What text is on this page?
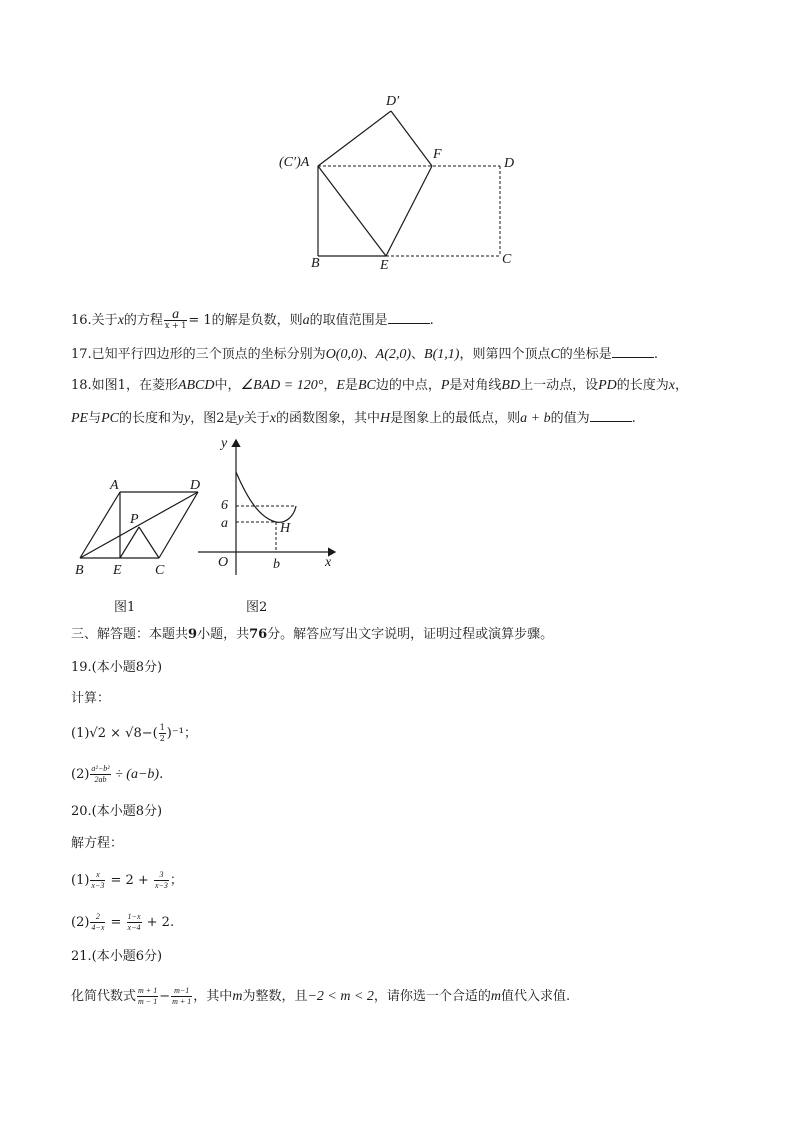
D′
(C′)A
F
D
B	E	C
16.关于x的方程 $\frac{a}{x + 1} = 1$的解是负数，则a的取值范围是	.
17.已知平行四边形的三个顶点的坐标分别为O(0,0)、A(2,0)、B(1,1)，则第四个顶点C的坐标是	.
18.如图1，在菱形ABCD中，∠BAD = 120°，E是BC边的中点，P是对角线BD上一动点，设PD的长度为x，
PE与PC的长度和为y，图2是y关于x的函数图象，其中H是图象上的最低点，则a + b的值为	.
A	D
P
B E C
图1
y
6
a	H
O	b	x
图2
三、解答题：本题共9小题，共76分。解答应写出文字说明，证明过程或演算步骤。
19.(本小题8分)
计算：
$(1)√2 \times √8-( \frac{1}{2} )^{-1}$；
$(2) \frac{\text{a²−b²}}{2ab} \div (a-b)$.
20.(本小题8分)
解方程：
$(1) \frac{x}{x-3} = 2 + \frac{3}{x-3}$ ；
$(2) \frac{2}{4-x} = \frac{1-x}{x-4} + 2$.
21.(本小题6分)
化简代数式 $\frac{m + 1}{m - 1} - \frac{m-1}{m + 1}$ ，其中m为整数，且−2 < m < 2，请你选一个合适的m值代入求值.
